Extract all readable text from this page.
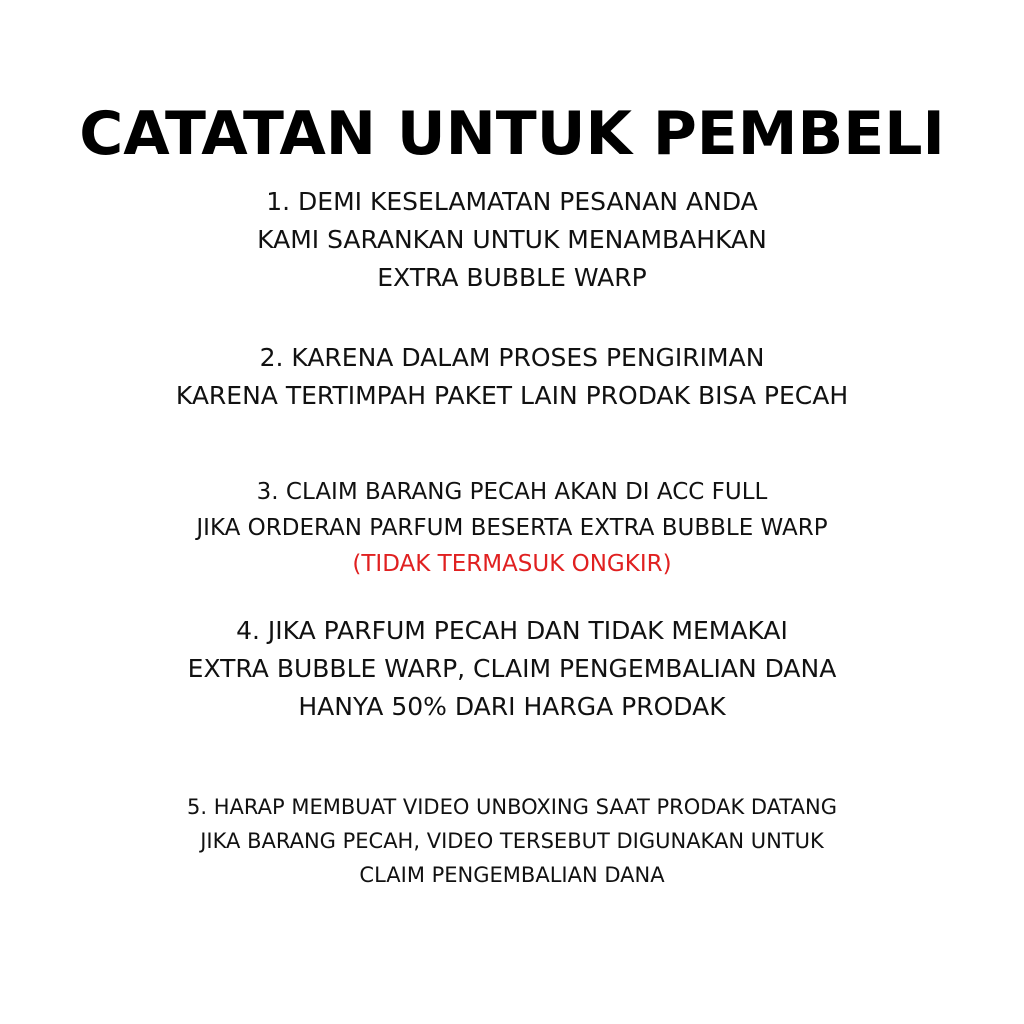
CATATAN UNTUK PEMBELI
1. DEMI KESELAMATAN PESANAN ANDA
KAMI SARANKAN UNTUK MENAMBAHKAN
EXTRA BUBBLE WARP
2. KARENA DALAM PROSES PENGIRIMAN
KARENA TERTIMPAH PAKET LAIN PRODAK BISA PECAH
3. CLAIM BARANG PECAH AKAN DI ACC FULL
JIKA ORDERAN PARFUM BESERTA EXTRA BUBBLE WARP
(TIDAK TERMASUK ONGKIR)
4. JIKA PARFUM PECAH DAN TIDAK MEMAKAI
EXTRA BUBBLE WARP, CLAIM PENGEMBALIAN DANA
HANYA 50% DARI HARGA PRODAK
5. HARAP MEMBUAT VIDEO UNBOXING SAAT PRODAK DATANG
JIKA BARANG PECAH, VIDEO TERSEBUT DIGUNAKAN UNTUK
CLAIM PENGEMBALIAN DANA
